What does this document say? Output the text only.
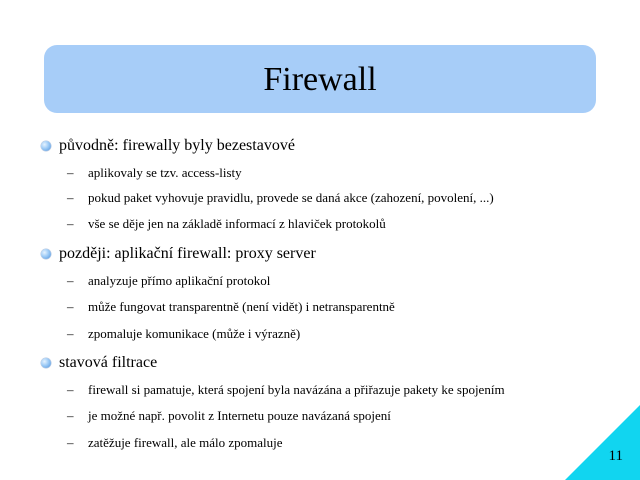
Firewall
původně: firewally byly bezestavové
– aplikovaly se tzv. access-listy
– pokud paket vyhovuje pravidlu, provede se daná akce (zahození, povolení, ...)
– vše se děje jen na základě informací z hlaviček protokolů
později: aplikační firewall: proxy server
– analyzuje přímo aplikační protokol
– může fungovat transparentně (není vidět) i netransparentně
– zpomaluje komunikace (může i výrazně)
stavová filtrace
– firewall si pamatuje, která spojení byla navázána a přiřazuje pakety ke spojením
– je možné např. povolit z Internetu pouze navázaná spojení
– zatěžuje firewall, ale málo zpomaluje
11
